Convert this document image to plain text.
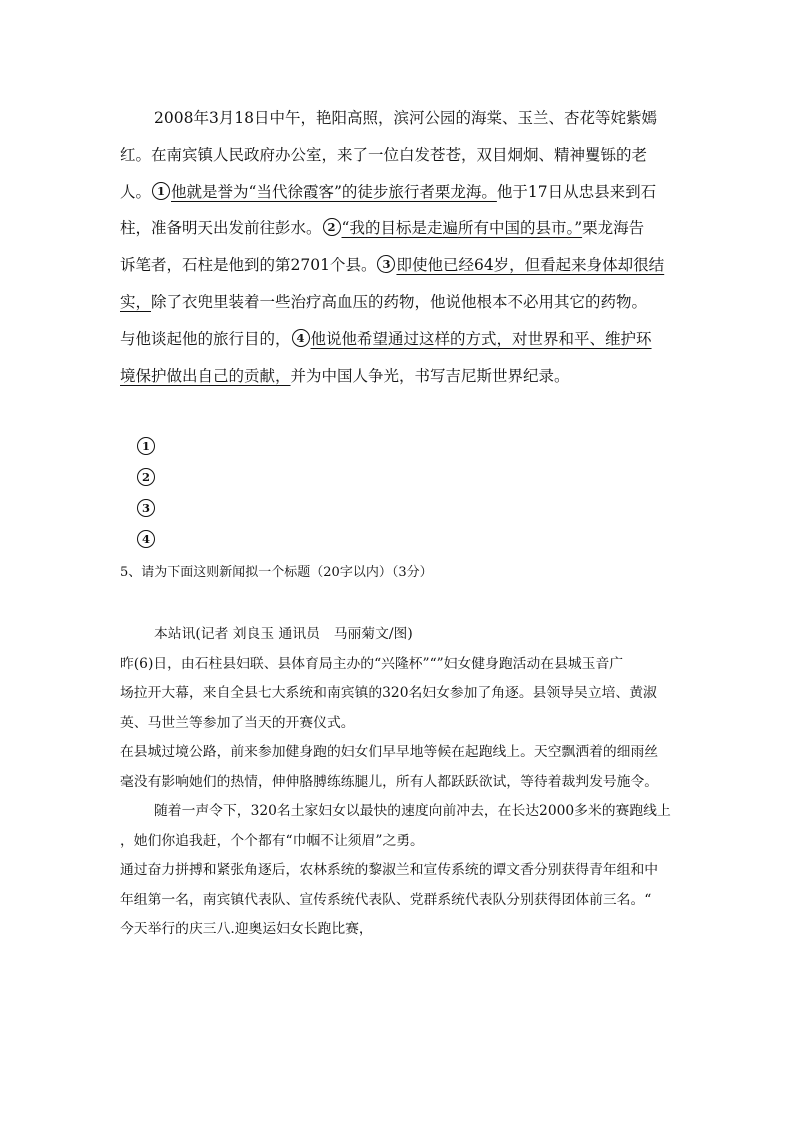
2008年3月18日中午，艳阳高照，滨河公园的海棠、玉兰、杏花等姹紫嫣
红。在南宾镇人民政府办公室，来了一位白发苍苍，双目炯炯、精神矍铄的老
人。 1 他就是誉为“当代徐霞客”的徒步旅行者栗龙海。他于17日从忠县来到石
柱，准备明天出发前往彭水。 2 “我的目标是走遍所有中国的县市。”栗龙海告
诉笔者，石柱是他到的第2701个县。 3 即使他已经64岁，但看起来身体却很结
实，除了衣兜里装着一些治疗高血压的药物，他说他根本不必用其它的药物。
与他谈起他的旅行目的， 4 他说他希望通过这样的方式，对世界和平、维护环
境保护做出自己的贡献，并为中国人争光，书写吉尼斯世界纪录。
1
2
3
4
5、请为下面这则新闻拟一个标题（20字以内）（3分）
本站讯(记者 刘良玉 通讯员　马丽菊文/图)
昨(6)日，由石柱县妇联、县体育局主办的“兴隆杯”“”妇女健身跑活动在县城玉音广
场拉开大幕，来自全县七大系统和南宾镇的320名妇女参加了角逐。县领导吴立培、黄淑
英、马世兰等参加了当天的开赛仪式。
在县城过境公路，前来参加健身跑的妇女们早早地等候在起跑线上。天空飘洒着的细雨丝
毫没有影响她们的热情，伸伸胳膊练练腿儿，所有人都跃跃欲试，等待着裁判发号施令。
随着一声令下，320名土家妇女以最快的速度向前冲去，在长达2000多米的赛跑线上
，她们你追我赶，个个都有“巾帼不让须眉”之勇。
通过奋力拼搏和紧张角逐后，农林系统的黎淑兰和宣传系统的谭文香分别获得青年组和中
年组第一名，南宾镇代表队、宣传系统代表队、党群系统代表队分别获得团体前三名。“
今天举行的庆三八.迎奥运妇女长跑比赛，
